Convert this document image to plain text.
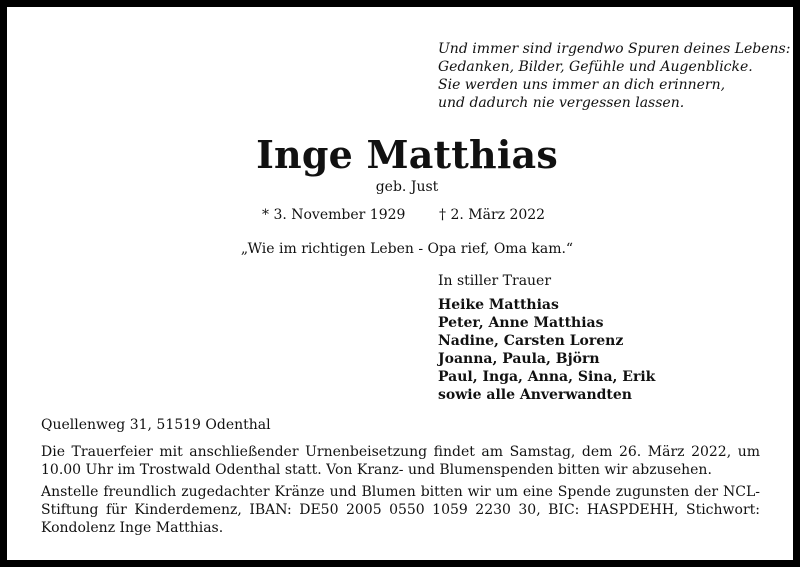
Und immer sind irgendwo Spuren deines Lebens:
Gedanken, Bilder, Gefühle und Augenblicke.
Sie werden uns immer an dich erinnern,
und dadurch nie vergessen lassen.
Inge Matthias
geb. Just
* 3. November 1929 † 2. März 2022
„Wie im richtigen Leben - Opa rief, Oma kam.“
In stiller Trauer
Heike Matthias
Peter, Anne Matthias
Nadine, Carsten Lorenz
Joanna, Paula, Björn
Paul, Inga, Anna, Sina, Erik
sowie alle Anverwandten
Quellenweg 31, 51519 Odenthal
Die Trauerfeier mit anschließender Urnenbeisetzung findet am Samstag, dem 26. März 2022, um 10.00 Uhr im Trostwald Odenthal statt. Von Kranz- und Blumenspenden bitten wir abzusehen.
Anstelle freundlich zugedachter Kränze und Blumen bitten wir um eine Spende zugunsten der NCL-Stiftung für Kinderdemenz, IBAN: DE50 2005 0550 1059 2230 30, BIC: HASPDEHH, Stichwort: Kondolenz Inge Matthias.
